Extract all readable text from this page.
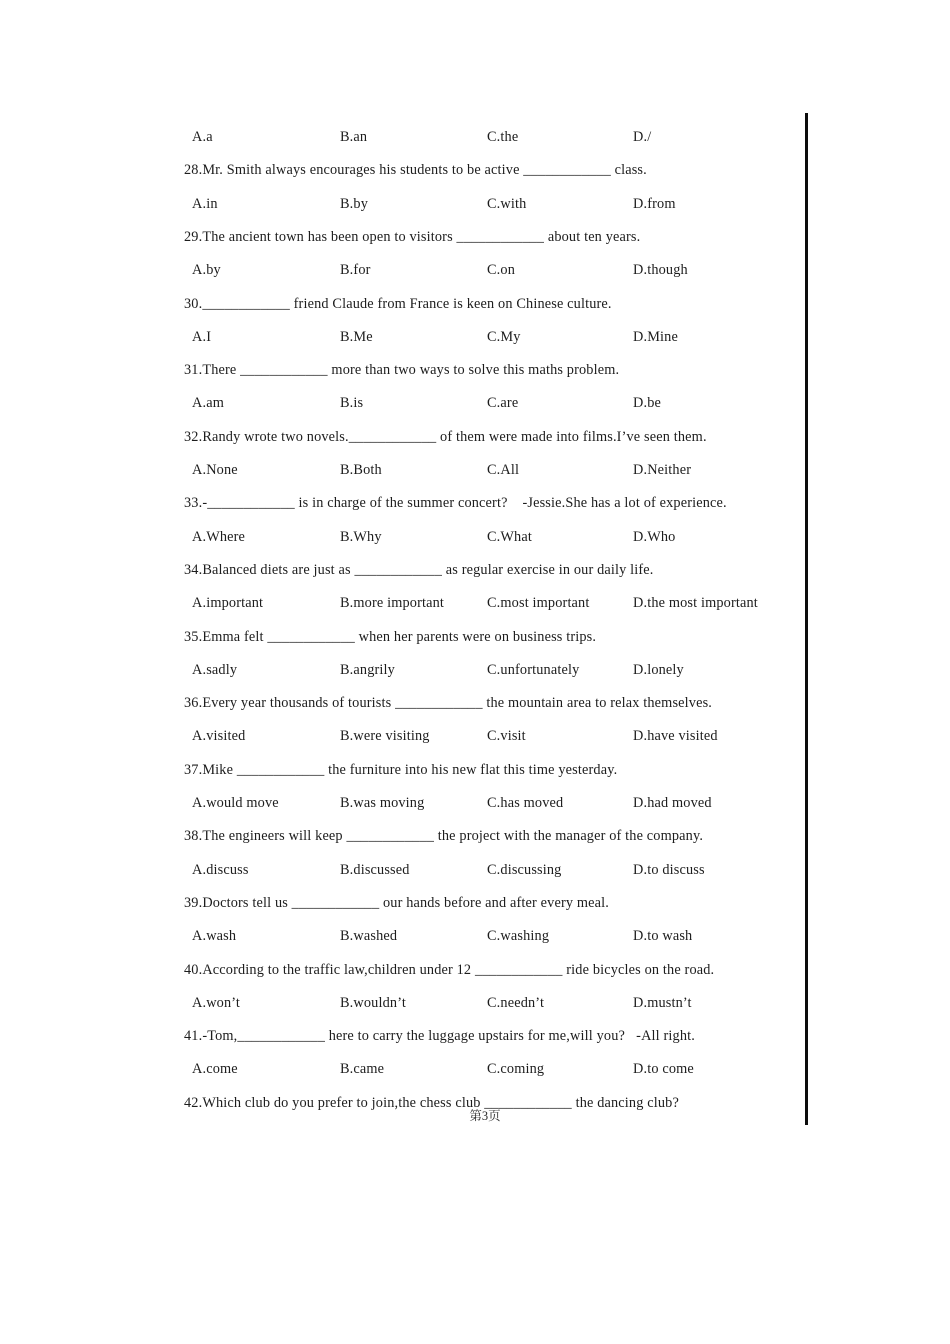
A.a	B.an	C.the	D./
28.Mr. Smith always encourages his students to be active ____________ class.
A.in	B.by	C.with	D.from
29.The ancient town has been open to visitors ____________ about ten years.
A.by	B.for	C.on	D.though
30.____________ friend Claude from France is keen on Chinese culture.
A.I	B.Me	C.My	D.Mine
31.There ____________ more than two ways to solve this maths problem.
A.am	B.is	C.are	D.be
32.Randy wrote two novels.____________ of them were made into films.I’ve seen them.
A.None	B.Both	C.All	D.Neither
33.-____________ is in charge of the summer concert?    -Jessie.She has a lot of experience.
A.Where	B.Why	C.What	D.Who
34.Balanced diets are just as ____________ as regular exercise in our daily life.
A.important	B.more important	C.most important	D.the most important
35.Emma felt ____________ when her parents were on business trips.
A.sadly	B.angrily	C.unfortunately	D.lonely
36.Every year thousands of tourists ____________ the mountain area to relax themselves.
A.visited	B.were visiting	C.visit	D.have visited
37.Mike ____________ the furniture into his new flat this time yesterday.
A.would move	B.was moving	C.has moved	D.had moved
38.The engineers will keep ____________ the project with the manager of the company.
A.discuss	B.discussed	C.discussing	D.to discuss
39.Doctors tell us ____________ our hands before and after every meal.
A.wash	B.washed	C.washing	D.to wash
40.According to the traffic law,children under 12 ____________ ride bicycles on the road.
A.won’t	B.wouldn’t	C.needn’t	D.mustn’t
41.-Tom,____________ here to carry the luggage upstairs for me,will you?   -All right.
A.come	B.came	C.coming	D.to come
42.Which club do you prefer to join,the chess club ____________ the dancing club?
第3页
